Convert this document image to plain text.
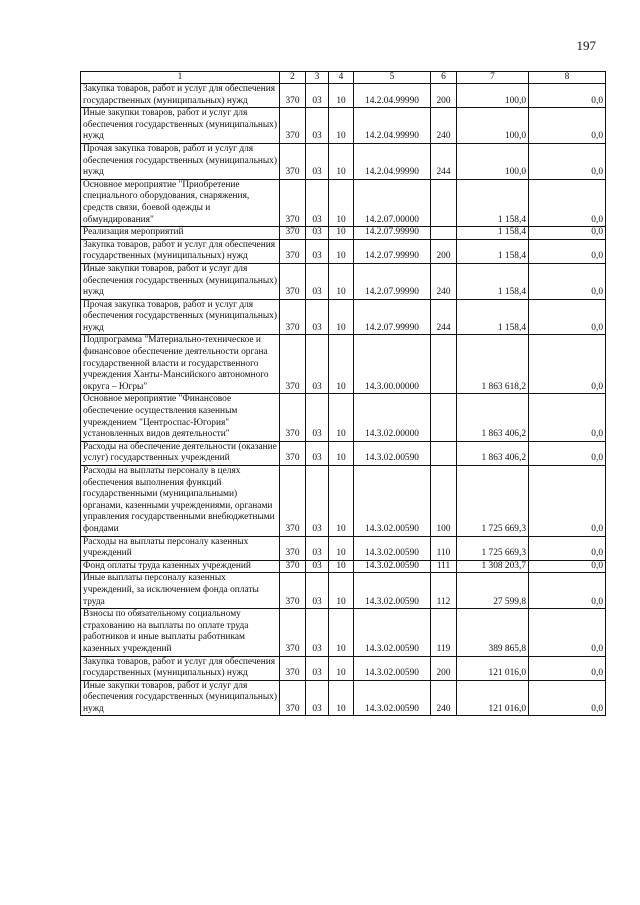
197
1	2	3	4	5	6	7	8
Закупка товаров, работ и услуг для обеспечения государственных (муниципальных) нужд	370	03	10	14.2.04.99990	200	100,0	0,0
Иные закупки товаров, работ и услуг для обеспечения государственных (муниципальных) нужд	370	03	10	14.2.04.99990	240	100,0	0,0
Прочая закупка товаров, работ и услуг для обеспечения государственных (муниципальных) нужд	370	03	10	14.2.04.99990	244	100,0	0,0
Основное мероприятие "Приобретение специального оборудования, снаряжения, средств связи, боевой одежды и обмундирования"	370	03	10	14.2.07.00000		1 158,4	0,0
Реализация мероприятий	370	03	10	14.2.07.99990		1 158,4	0,0
Закупка товаров, работ и услуг для обеспечения государственных (муниципальных) нужд	370	03	10	14.2.07.99990	200	1 158,4	0,0
Иные закупки товаров, работ и услуг для обеспечения государственных (муниципальных) нужд	370	03	10	14.2.07.99990	240	1 158,4	0,0
Прочая закупка товаров, работ и услуг для обеспечения государственных (муниципальных) нужд	370	03	10	14.2.07.99990	244	1 158,4	0,0
Подпрограмма "Материально-техническое и финансовое обеспечение деятельности органа государственной власти и государственного учреждения Ханты-Мансийского автономного округа – Югры"	370	03	10	14.3.00.00000		1 863 618,2	0,0
Основное мероприятие "Финансовое обеспечение осуществления казенным учреждением "Центроспас-Югория" установленных видов деятельности"	370	03	10	14.3.02.00000		1 863 406,2	0,0
Расходы на обеспечение деятельности (оказание услуг) государственных учреждений	370	03	10	14.3.02.00590		1 863 406,2	0,0
Расходы на выплаты персоналу в целях обеспечения выполнения функций государственными (муниципальными) органами, казенными учреждениями, органами управления государственными внебюджетными фондами	370	03	10	14.3.02.00590	100	1 725 669,3	0,0
Расходы на выплаты персоналу казенных учреждений	370	03	10	14.3.02.00590	110	1 725 669,3	0,0
Фонд оплаты труда казенных учреждений	370	03	10	14.3.02.00590	111	1 308 203,7	0,0
Иные выплаты персоналу казенных учреждений, за исключением фонда оплаты труда	370	03	10	14.3.02.00590	112	27 599,8	0,0
Взносы по обязательному социальному страхованию на выплаты по оплате труда работников и иные выплаты работникам казенных учреждений	370	03	10	14.3.02.00590	119	389 865,8	0,0
Закупка товаров, работ и услуг для обеспечения государственных (муниципальных) нужд	370	03	10	14.3.02.00590	200	121 016,0	0,0
Иные закупки товаров, работ и услуг для обеспечения государственных (муниципальных) нужд	370	03	10	14.3.02.00590	240	121 016,0	0,0
